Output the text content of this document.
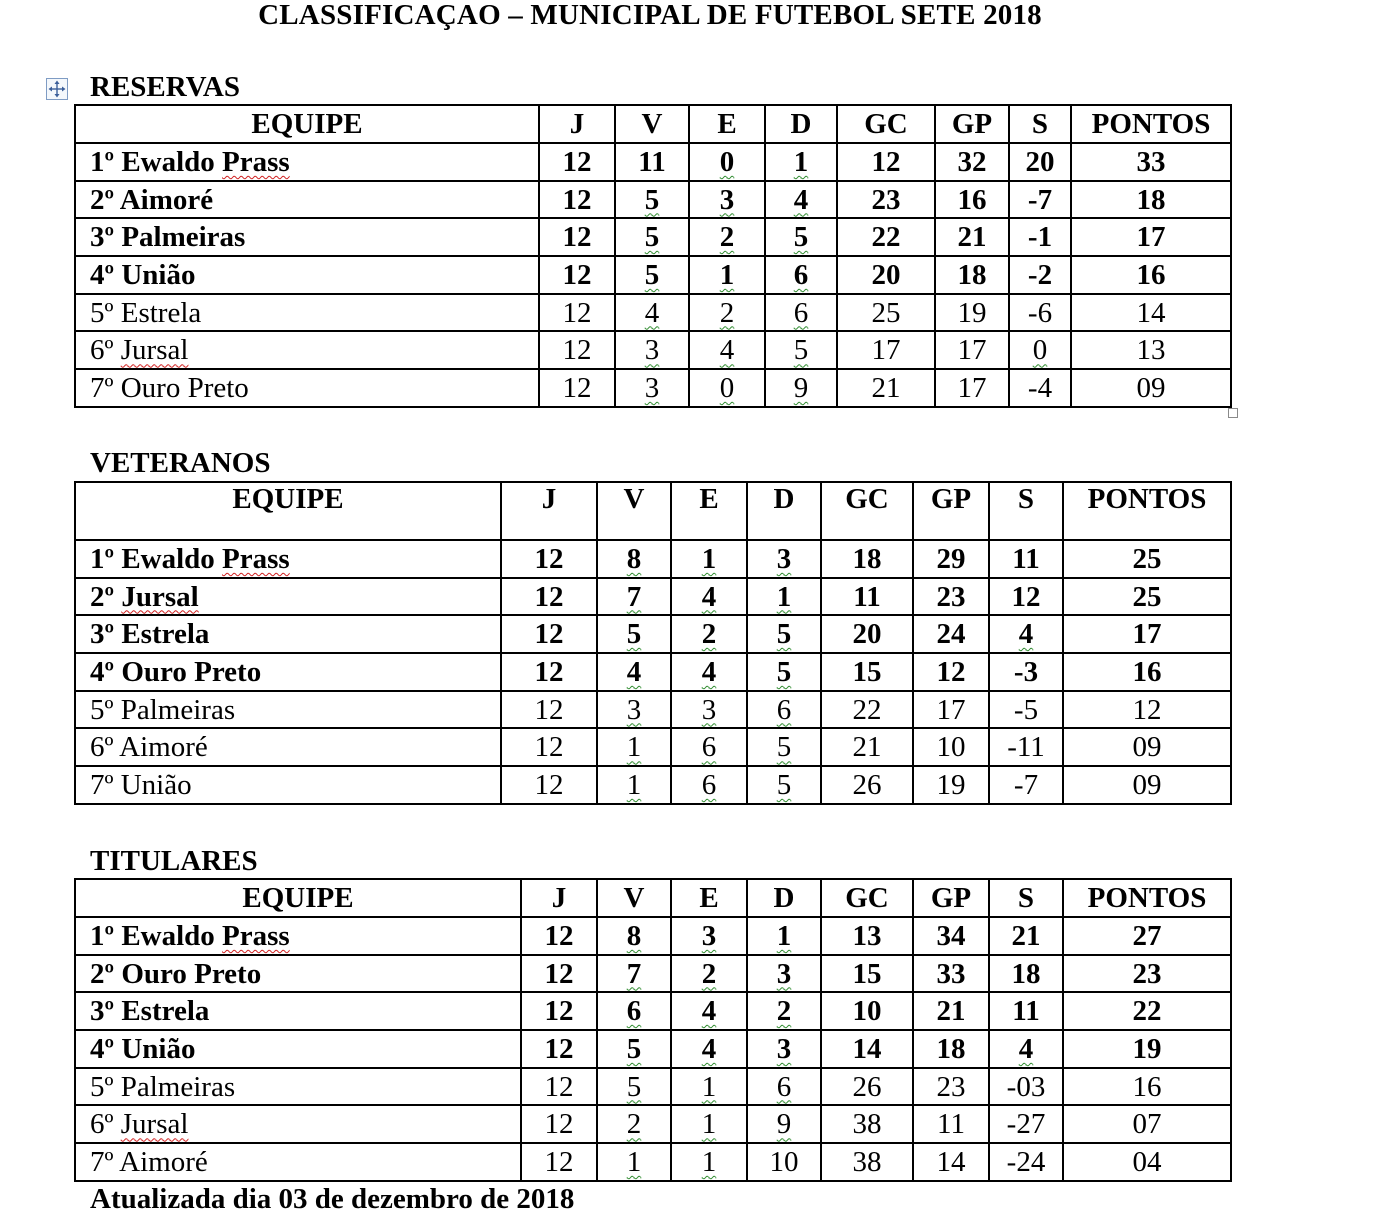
CLASSIFICAÇAO – MUNICIPAL DE FUTEBOL SETE 2018
RESERVAS
EQUIPE	J	V	E	D	GC	GP	S	PONTOS
1º Ewaldo Prass	12	11	0	1	12	32	20	33
2º Aimoré	12	5	3	4	23	16	-7	18
3º Palmeiras	12	5	2	5	22	21	-1	17
4º União	12	5	1	6	20	18	-2	16
5º Estrela	12	4	2	6	25	19	-6	14
6º Jursal	12	3	4	5	17	17	0	13
7º Ouro Preto	12	3	0	9	21	17	-4	09
VETERANOS
EQUIPE	J	V	E	D	GC	GP	S	PONTOS
1º Ewaldo Prass	12	8	1	3	18	29	11	25
2º Jursal	12	7	4	1	11	23	12	25
3º Estrela	12	5	2	5	20	24	4	17
4º Ouro Preto	12	4	4	5	15	12	-3	16
5º Palmeiras	12	3	3	6	22	17	-5	12
6º Aimoré	12	1	6	5	21	10	-11	09
7º União	12	1	6	5	26	19	-7	09
TITULARES
EQUIPE	J	V	E	D	GC	GP	S	PONTOS
1º Ewaldo Prass	12	8	3	1	13	34	21	27
2º Ouro Preto	12	7	2	3	15	33	18	23
3º Estrela	12	6	4	2	10	21	11	22
4º União	12	5	4	3	14	18	4	19
5º Palmeiras	12	5	1	6	26	23	-03	16
6º Jursal	12	2	1	9	38	11	-27	07
7º Aimoré	12	1	1	10	38	14	-24	04
Atualizada dia 03 de dezembro de 2018
